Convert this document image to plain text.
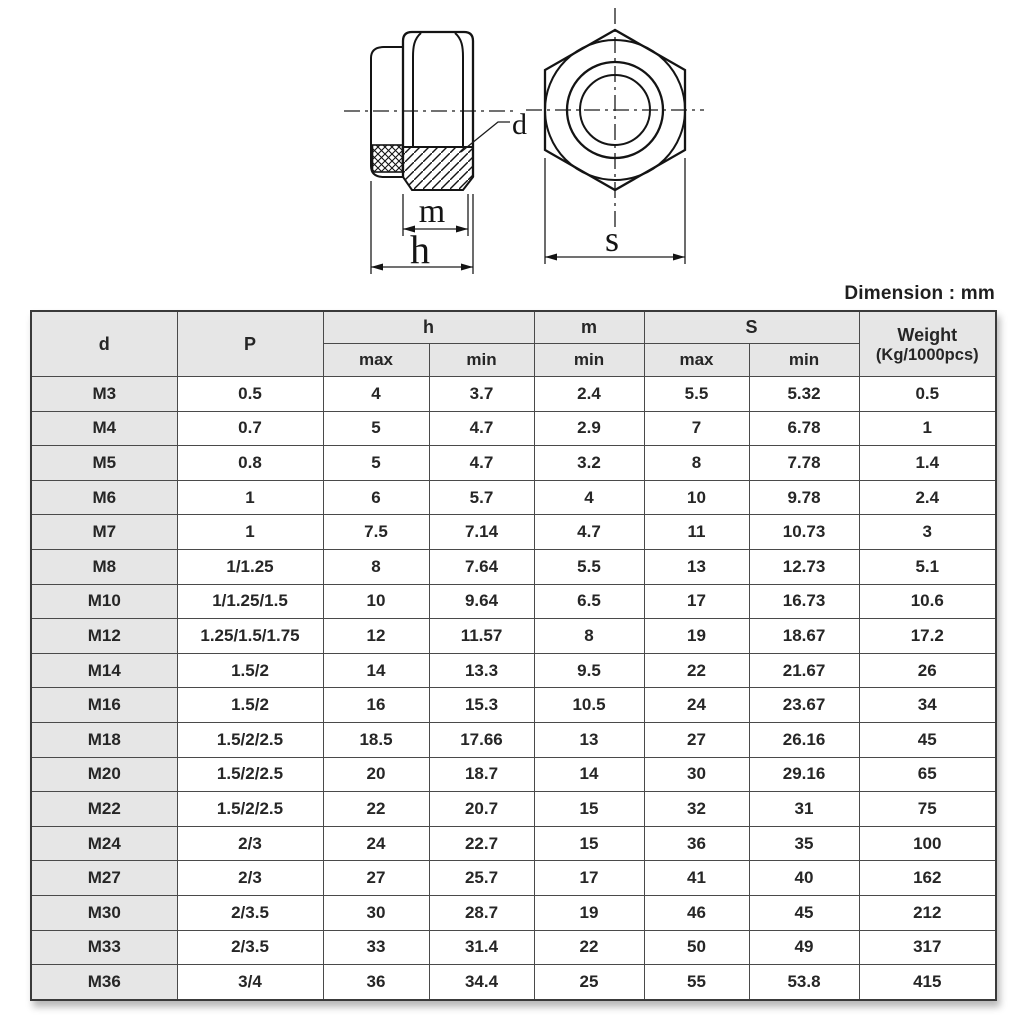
d
m
h	s
Dimension : mm
d	P	h		m	S		Weight
(Kg/1000pcs)

		max	min	min	max	min	
M3	0.5	4	3.7	2.4	5.5	5.32	0.5
M4	0.7	5	4.7	2.9	7	6.78	1
M5	0.8	5	4.7	3.2	8	7.78	1.4
M6	1	6	5.7	4	10	9.78	2.4
M7	1	7.5	7.14	4.7	11	10.73	3
M8	1/1.25	8	7.64	5.5	13	12.73	5.1
M10	1/1.25/1.5	10	9.64	6.5	17	16.73	10.6
M12	1.25/1.5/1.75	12	11.57	8	19	18.67	17.2
M14	1.5/2	14	13.3	9.5	22	21.67	26
M16	1.5/2	16	15.3	10.5	24	23.67	34
M18	1.5/2/2.5	18.5	17.66	13	27	26.16	45
M20	1.5/2/2.5	20	18.7	14	30	29.16	65
M22	1.5/2/2.5	22	20.7	15	32	31	75
M24	2/3	24	22.7	15	36	35	100
M27	2/3	27	25.7	17	41	40	162
M30	2/3.5	30	28.7	19	46	45	212
M33	2/3.5	33	31.4	22	50	49	317
M36	3/4	36	34.4	25	55	53.8	415
